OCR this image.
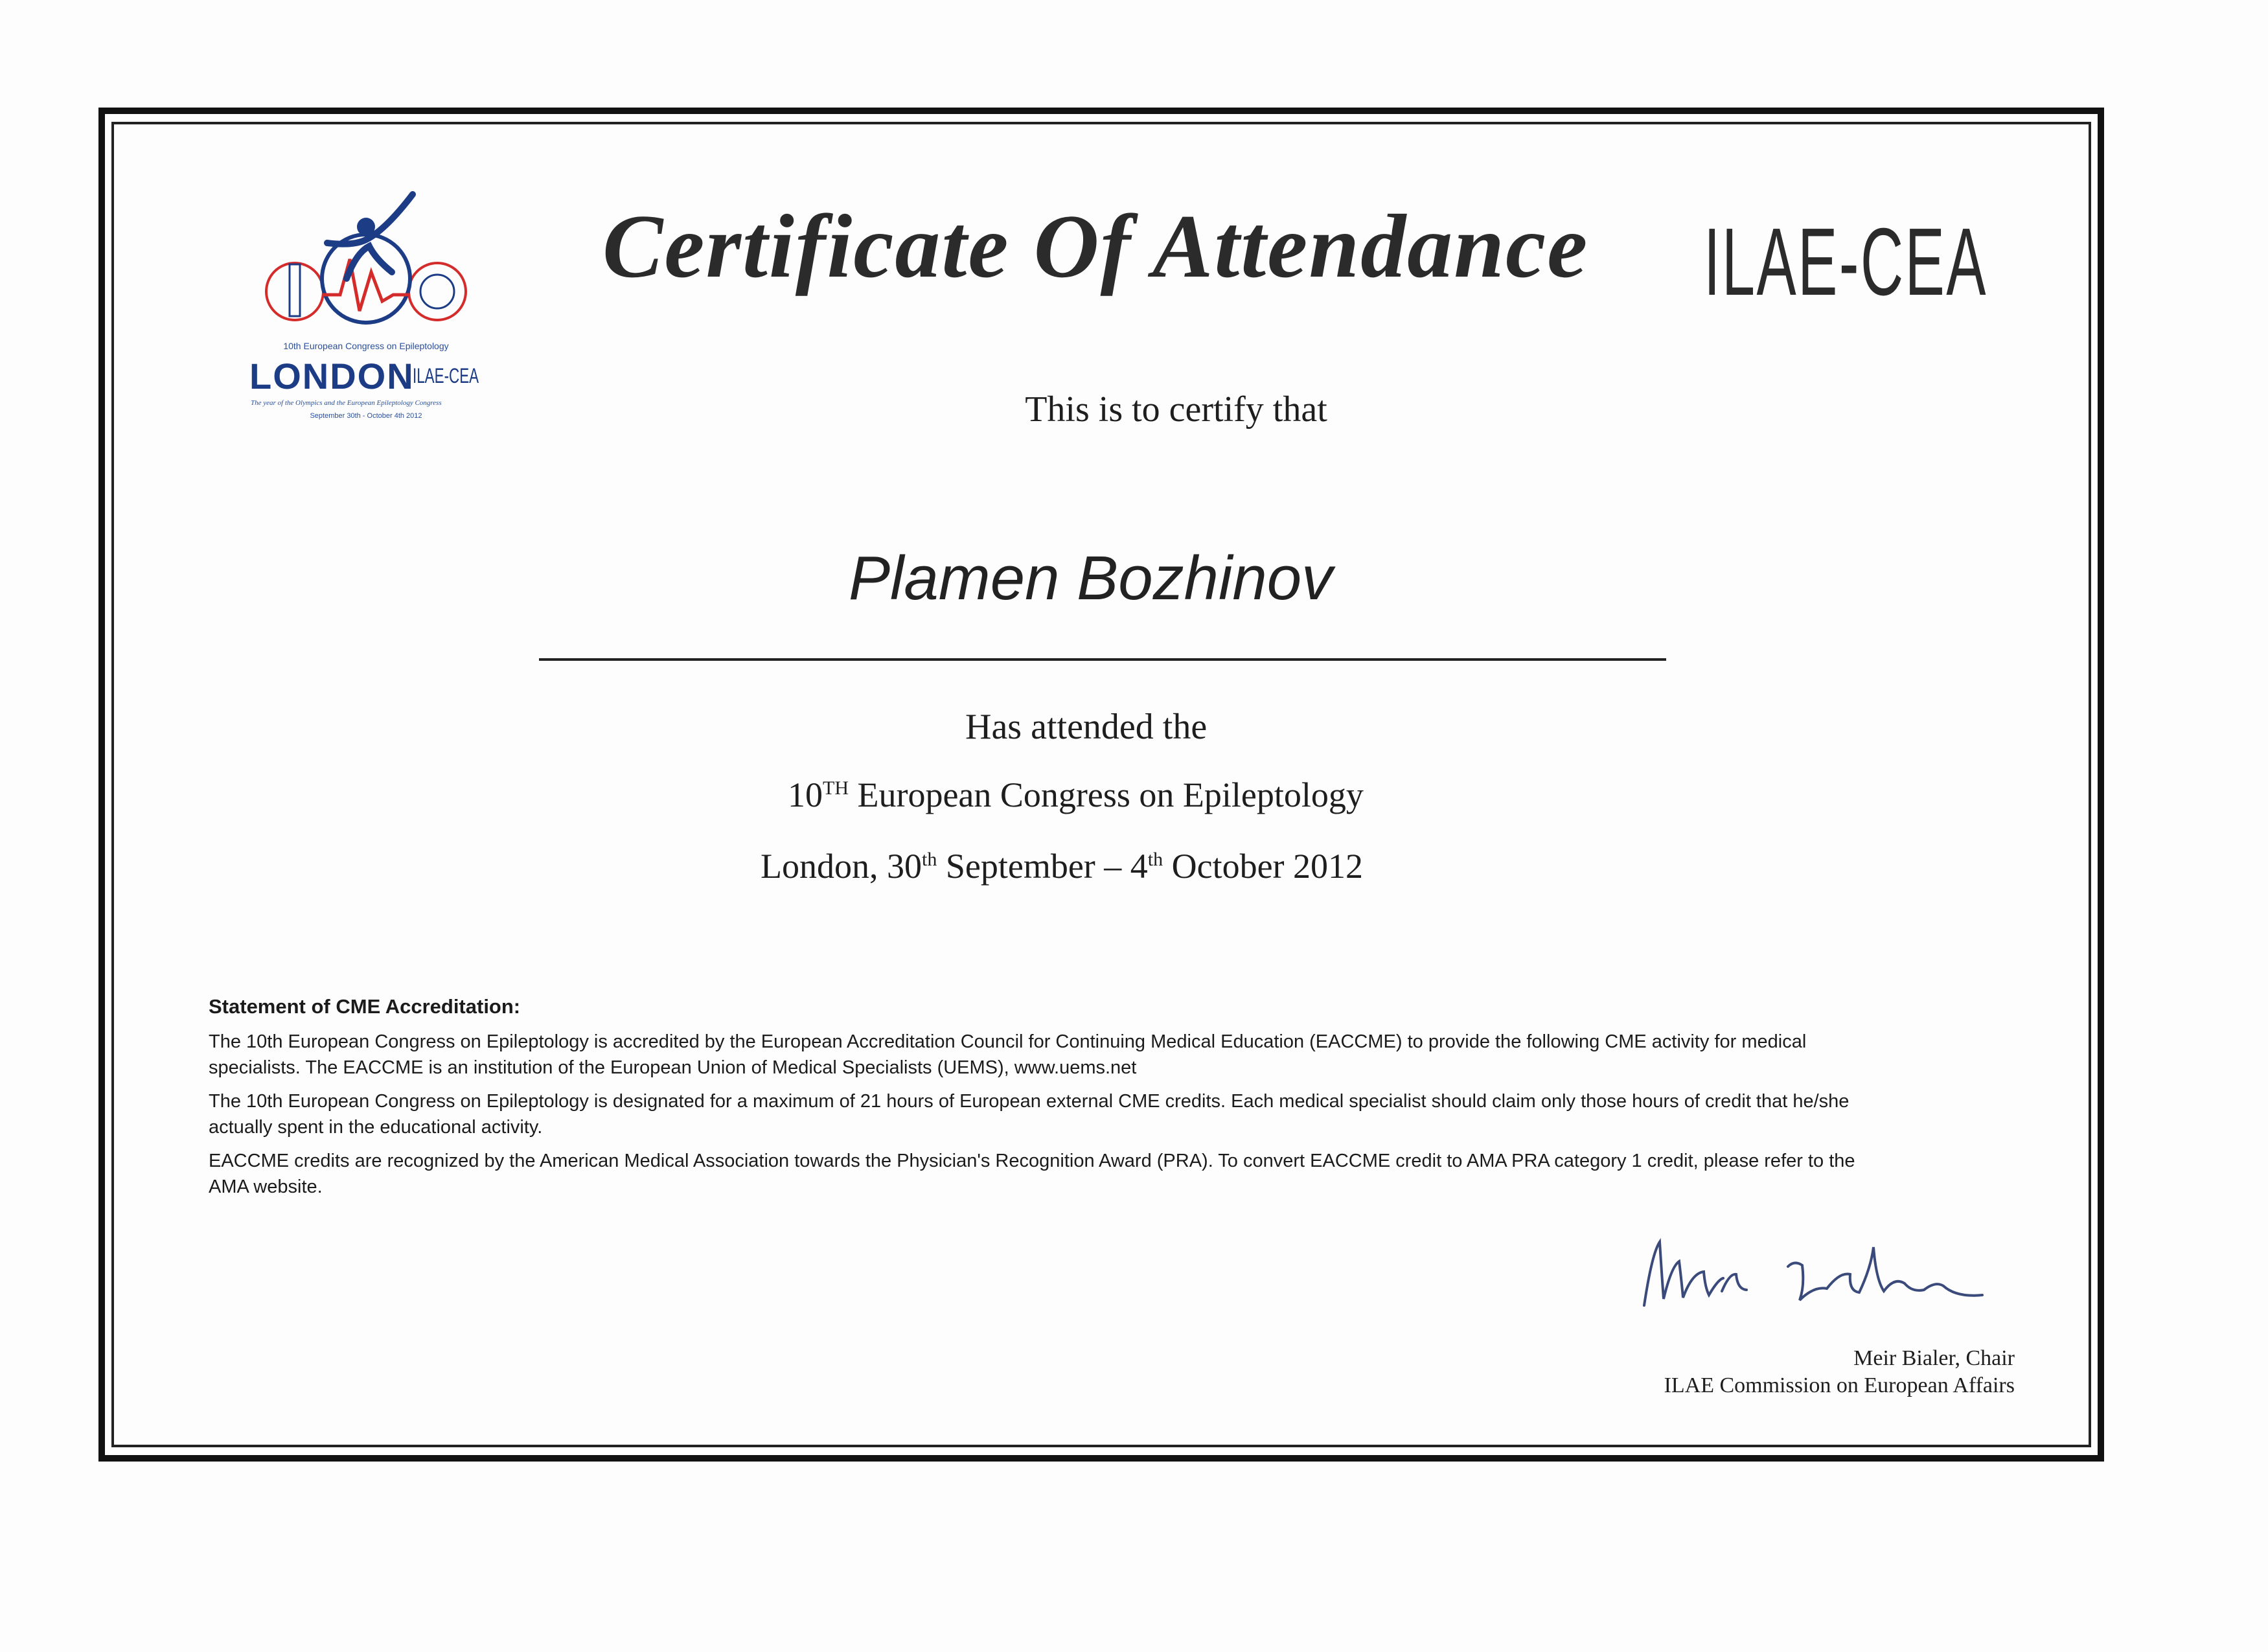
10th European Congress on Epileptology
LONDON
ILAE-CEA
The year of the Olympics and the European Epileptology Congress
September 30th - October 4th 2012
Certificate Of Attendance ILAE-CEA
This is to certify that
Plamen Bozhinov
Has attended the
10TH European Congress on Epileptology
London, 30th September – 4th October 2012
Statement of CME Accreditation:

The 10th European Congress on Epileptology is accredited by the European Accreditation Council for Continuing Medical Education (EACCME) to provide the following CME activity for medical specialists. The EACCME is an institution of the European Union of Medical Specialists (UEMS), www.uems.net

The 10th European Congress on Epileptology is designated for a maximum of 21 hours of European external CME credits. Each medical specialist should claim only those hours of credit that he/she actually spent in the educational activity.

EACCME credits are recognized by the American Medical Association towards the Physician's Recognition Award (PRA). To convert EACCME credit to AMA PRA category 1 credit, please refer to the AMA website.

Meir Bialer, Chair
ILAE Commission on European Affairs
